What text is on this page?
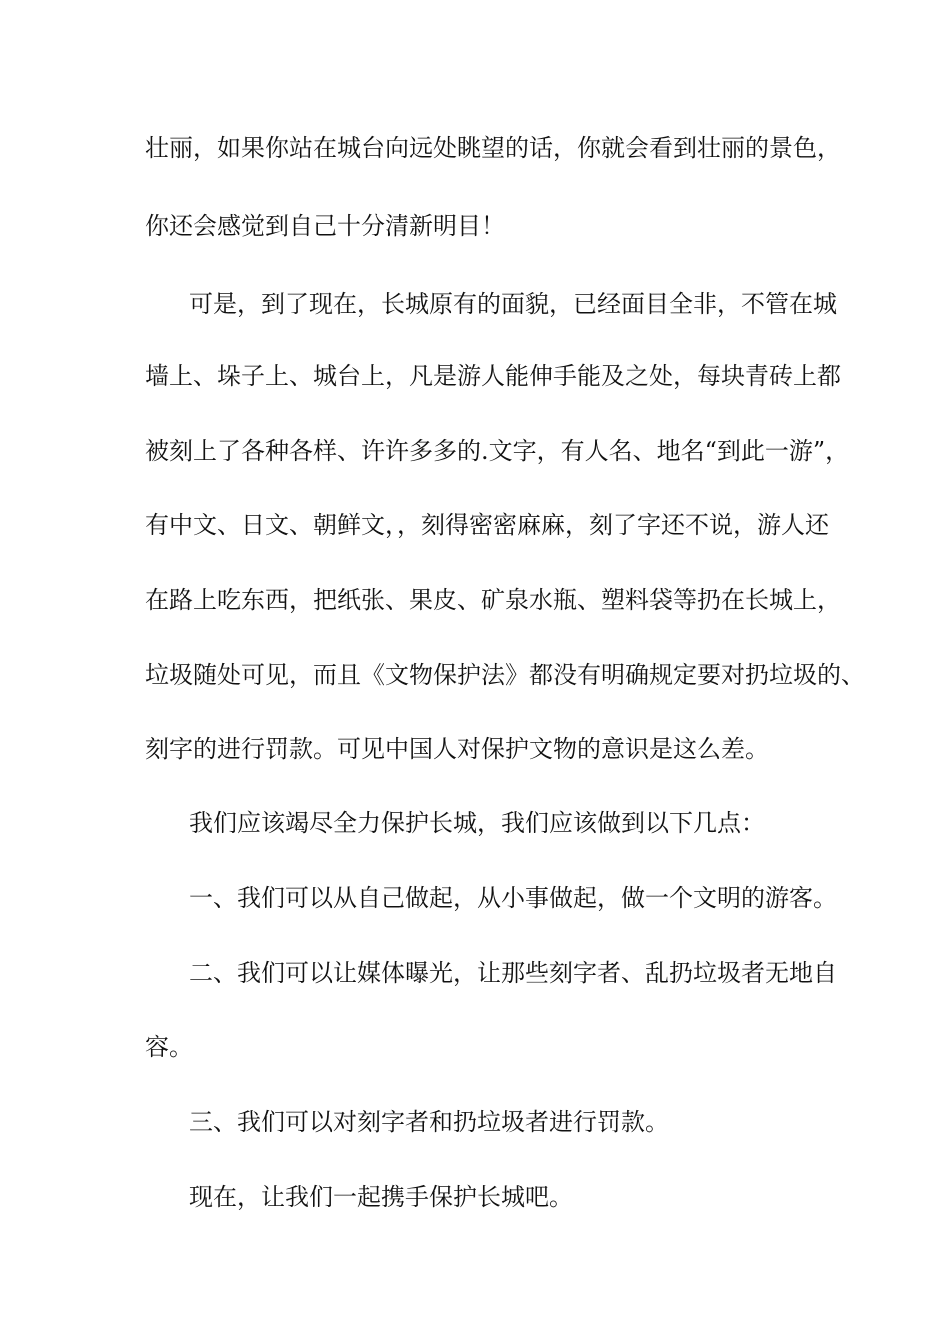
壮丽，如果你站在城台向远处眺望的话，你就会看到壮丽的景色，
你还会感觉到自己十分清新明目！
可是，到了现在，长城原有的面貌，已经面目全非，不管在城
墙上、垛子上、城台上，凡是游人能伸手能及之处，每块青砖上都
被刻上了各种各样、许许多多的.文字，有人名、地名“到此一游”，
有中文、日文、朝鲜文，，刻得密密麻麻，刻了字还不说，游人还
在路上吃东西，把纸张、果皮、矿泉水瓶、塑料袋等扔在长城上，
垃圾随处可见，而且《文物保护法》都没有明确规定要对扔垃圾的、
刻字的进行罚款。可见中国人对保护文物的意识是这么差。
我们应该竭尽全力保护长城，我们应该做到以下几点：
一、我们可以从自己做起，从小事做起，做一个文明的游客。
二、我们可以让媒体曝光，让那些刻字者、乱扔垃圾者无地自
容。
三、我们可以对刻字者和扔垃圾者进行罚款。
现在，让我们一起携手保护长城吧。
